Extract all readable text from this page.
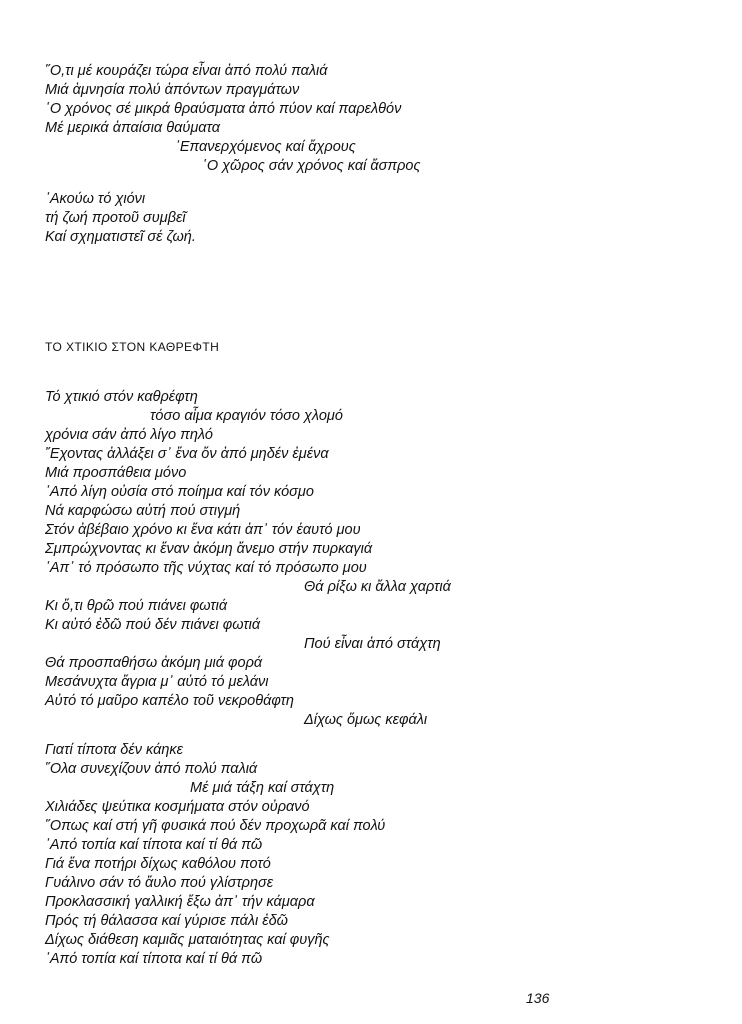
῞Ο,τι μέ κουράζει τώρα εἶναι ἀπό πολύ παλιά
Μιά ἀμνησία πολύ ἀπόντων πραγμάτων
῾Ο χρόνος σέ μικρά θραύσματα ἀπό πύον καί παρελθόν
Μέ μερικά ἀπαίσια θαύματα
᾿Επανερχόμενος καί ἄχρους
῾Ο χῶρος σάν χρόνος καί ἄσπρος
᾿Ακούω τό χιόνι
τή ζωή προτοῦ συμβεῖ
Καί σχηματιστεῖ σέ ζωή.
ΤΟ ΧΤΙΚΙΟ ΣΤΟΝ ΚΑΘΡΕΦΤΗ
Τό χτικιό στόν καθρέφτη
τόσο αἷμα κραγιόν τόσο χλομό
χρόνια σάν ἀπό λίγο πηλό
῎Εχοντας ἀλλάξει σ᾿ ἕνα ὄν ἀπό μηδέν ἐμένα
Μιά προσπάθεια μόνο
᾿Από λίγη οὐσία στό ποίημα καί τόν κόσμο
Νά καρφώσω αὐτή πού στιγμή
Στόν ἀβέβαιο χρόνο κι ἕνα κάτι ἀπ᾿ τόν ἑαυτό μου
Σμπρώχνοντας κι ἕναν ἀκόμη ἄνεμο στήν πυρκαγιά
᾿Απ᾿ τό πρόσωπο τῆς νύχτας καί τό πρόσωπο μου
Θά ρίξω κι ἄλλα χαρτιά
Κι ὅ,τι θρῶ πού πιάνει φωτιά
Κι αὐτό ἐδῶ πού δέν πιάνει φωτιά
Πού εἶναι ἀπό στάχτη
Θά προσπαθήσω ἀκόμη μιά φορά
Μεσάνυχτα ἄγρια μ᾿ αὐτό τό μελάνι
Αὐτό τό μαῦρο καπέλο τοῦ νεκροθάφτη
Δίχως ὅμως κεφάλι
Γιατί τίποτα δέν κάηκε
῞Ολα συνεχίζουν ἀπό πολύ παλιά
Μέ μιά τάξη καί στάχτη
Χιλιάδες ψεύτικα κοσμήματα στόν οὐρανό
῞Οπως καί στή γῆ φυσικά πού δέν προχωρᾶ καί πολύ
᾿Από τοπία καί τίποτα καί τί θά πῶ
Γιά ἕνα ποτήρι δίχως καθόλου ποτό
Γυάλινο σάν τό ἄυλο πού γλίστρησε
Προκλασσική γαλλική ἔξω ἀπ᾿ τήν κάμαρα
Πρός τή θάλασσα καί γύρισε πάλι ἐδῶ
Δίχως διάθεση καμιᾶς ματαιότητας καί φυγῆς
᾿Από τοπία καί τίποτα καί τί θά πῶ
136
